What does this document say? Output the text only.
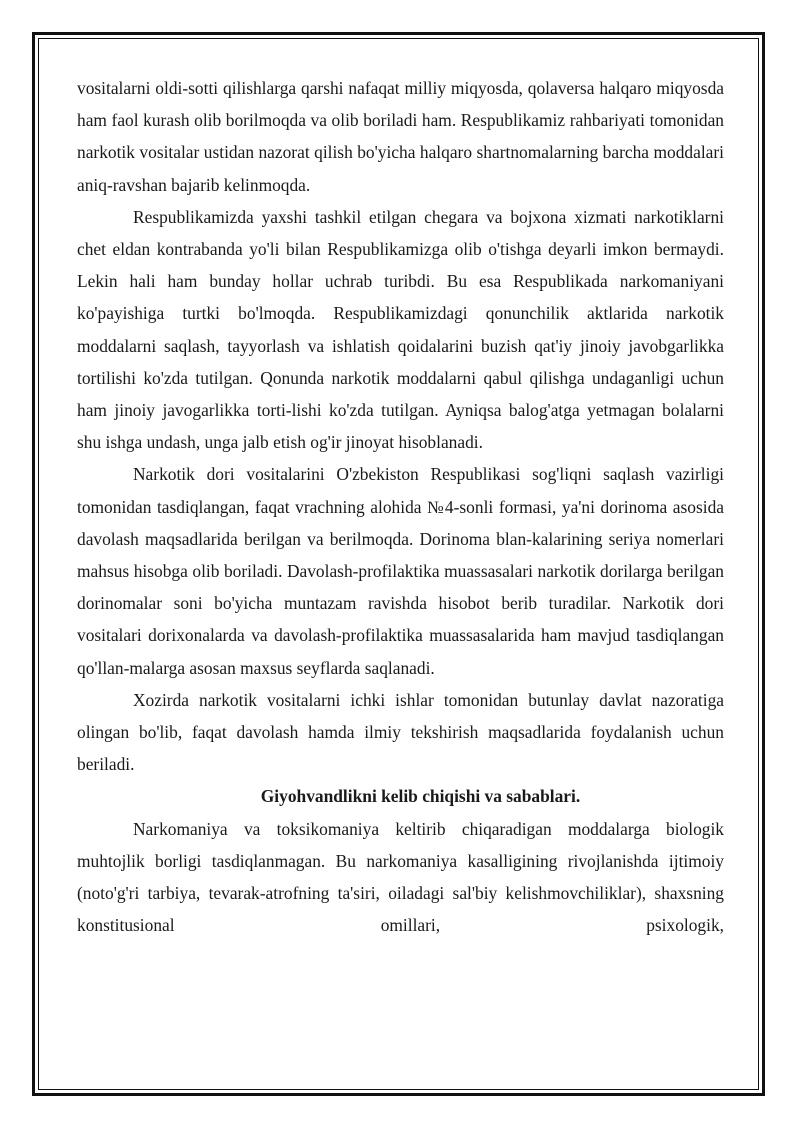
vositalarni oldi-sotti qilishlarga qarshi nafaqat milliy miqyosda, qolaversa halqaro miqyosda ham faol kurash olib borilmoqda va olib boriladi ham. Respublikamiz rahbariyati tomonidan narkotik vositalar ustidan nazorat qilish bo'yicha halqaro shartnomalarning barcha moddalari aniq-ravshan bajarib kelinmoqda.

Respublikamizda yaxshi tashkil etilgan chegara va bojxona xizmati narkotiklarni chet eldan kontrabanda yo'li bilan Respublikamizga olib o'tishga deyarli imkon bermaydi. Lekin hali ham bunday hollar uchrab turibdi. Bu esa Respublikada narkomaniyani ko'payishiga turtki bo'lmoqda. Respublikamizdagi qonunchilik aktlarida narkotik moddalarni saqlash, tayyorlash va ishlatish qoidalarini buzish qat'iy jinoiy javobgarlikka tortilishi ko'zda tutilgan. Qonunda narkotik moddalarni qabul qilishga undaganligi uchun ham jinoiy javogarlikka torti-lishi ko'zda tutilgan. Ayniqsa balog'atga yetmagan bolalarni shu ishga undash, unga jalb etish og'ir jinoyat hisoblanadi.

Narkotik dori vositalarini O'zbekiston Respublikasi sog'liqni saqlash vazirligi tomonidan tasdiqlangan, faqat vrachning alohida №4-sonli formasi, ya'ni dorinoma asosida davolash maqsadlarida berilgan va berilmoqda. Dorinoma blan-kalarining seriya nomerlari mahsus hisobga olib boriladi. Davolash-profilaktika muassasalari narkotik dorilarga berilgan dorinomalar soni bo'yicha muntazam ravishda hisobot berib turadilar. Narkotik dori vositalari dorixonalarda va davolash-profilaktika muassasalarida ham mavjud tasdiqlangan qo'llan-malarga asosan maxsus seyflarda saqlanadi.

Xozirda narkotik vositalarni ichki ishlar tomonidan butunlay davlat nazoratiga olingan bo'lib, faqat davolash hamda ilmiy tekshirish maqsadlarida foydalanish uchun beriladi.

Giyohvandlikni kelib chiqishi va sabablari.

Narkomaniya va toksikomaniya keltirib chiqaradigan moddalarga biologik muhtojlik borligi tasdiqlanmagan. Bu narkomaniya kasalligining rivojlanishda ijtimoiy (noto'g'ri tarbiya, tevarak-atrofning ta'siri, oiladagi sal'biy kelishmovchiliklar), shaxsning konstitusional omillari, psixologik,
